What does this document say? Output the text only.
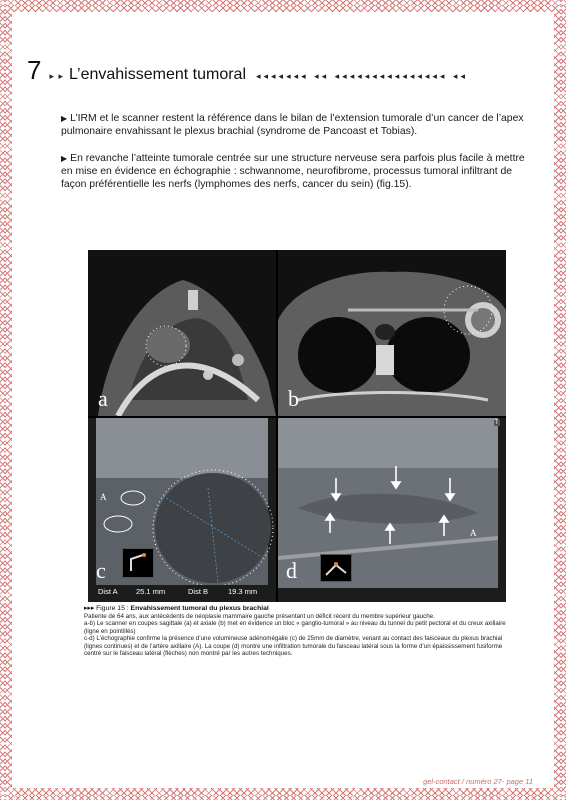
7 ▸ ▸ L’envahissement tumoral ◂◂◂◂◂◂◂ ◂◂ ◂◂◂◂◂◂◂◂◂◂◂◂◂◂◂ ◂◂

▶ L’IRM et le scanner restent la référence dans le bilan de l’extension tumorale d’un cancer de l’apex pulmonaire envahissant le plexus brachial (syndrome de Pancoast et Tobias).

▶ En revanche l’atteinte tumorale centrée sur une structure nerveuse sera parfois plus facile à mettre en mise en évidence en échographie : schwannome, neurofibrome, processus tumoral infiltrant de façon préférentielle les nerfs (lymphomes des nerfs, cancer du sein) (fig.15).

a	b
A
c
Dist A 25.1 mm	Dist B	19.3 mm
A
d
T
▸▸▸ Figure 15 : Envahissement tumoral du plexus brachial
Patiente de 64 ans, aux antécédents de néoplasie mammaire gauche présentant un déficit récent du membre supérieur gauche.
a-b) Le scanner en coupes sagittale (a) et axiale (b) met en évidence un bloc « ganglio-tumoral » au niveau du tunnel du petit pectoral et du creux axillaire (ligne en pointillés)
c-d) L’échographie confirme la présence d’une volumineuse adénomégalie (c) de 25mm de diamètre, venant au contact des faisceaux du plexus brachial (lignes continues) et de l’artère axillaire (A). La coupe (d) montre une infiltration tumorale du faisceau latéral sous la forme d’un épaississement fusiforme centré sur le faisceau latéral (flèches) non montré par les autres techniques.
gel-contact / numéro 27- page 11
